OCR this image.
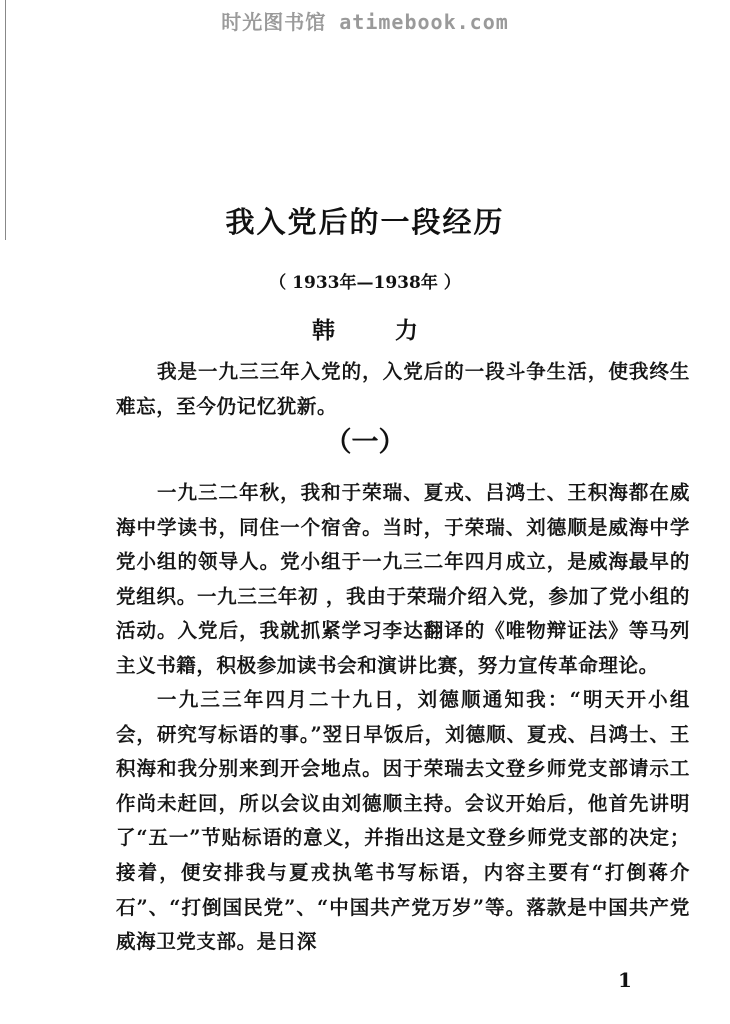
时光图书馆 atimebook.com
我入党后的一段经历
（ 1933年—1938年 ）
韩	力

我是一九三三年入党的，入党后的一段斗争生活，使我终生难忘，至今仍记忆犹新。

（一）

一九三二年秋，我和于荣瑞、夏戎、吕鸿士、王积海都在威海中学读书，同住一个宿舍。当时，于荣瑞、刘德顺是威海中学党小组的领导人。党小组于一九三二年四月成立，是威海最早的党组织。一九三三年初 ，我由于荣瑞介绍入党，参加了党小组的活动。入党后，我就抓紧学习李达翻译的《唯物辩证法》等马列主义书籍，积极参加读书会和演讲比赛，努力宣传革命理论。

一九三三年四月二十九日，刘德顺通知我：“明天开小组会，研究写标语的事。”翌日早饭后，刘德顺、夏戎、吕鸿士、王积海和我分别来到开会地点。因于荣瑞去文登乡师党支部请示工作尚未赶回，所以会议由刘德顺主持。会议开始后，他首先讲明了“五一”节贴标语的意义，并指出这是文登乡师党支部的决定；接着，便安排我与夏戎执笔书写标语，内容主要有“打倒蒋介石”、“打倒国民党”、“中国共产党万岁”等。落款是中国共产党威海卫党支部。是日深

1
